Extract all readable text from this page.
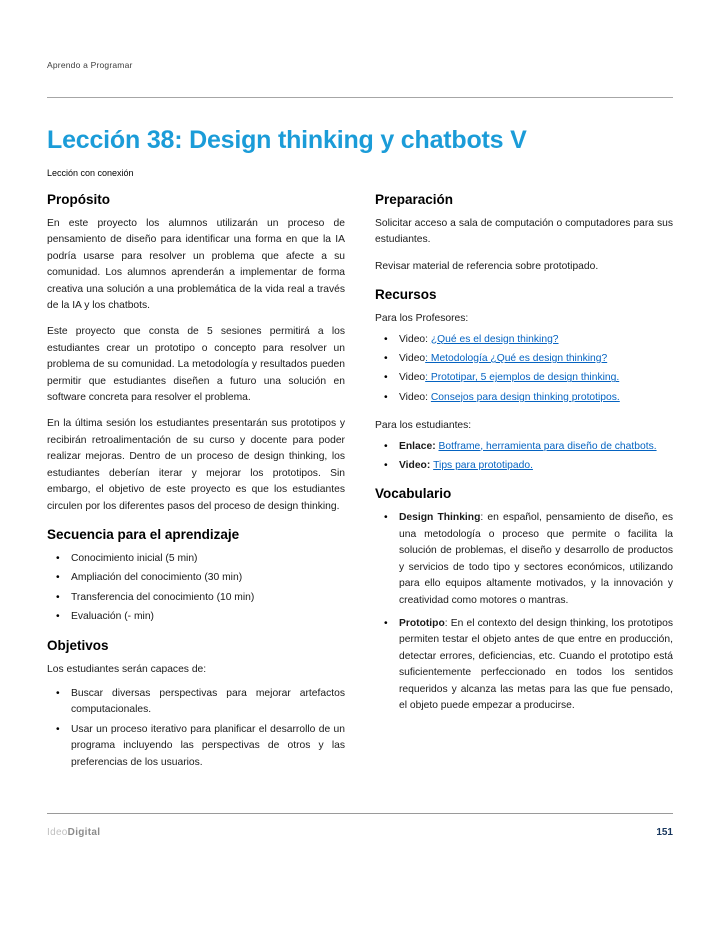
Aprendo a Programar
Lección 38: Design thinking y chatbots V

Lección con conexión

Propósito

En este proyecto los alumnos utilizarán un proceso de pensamiento de diseño para identificar una forma en que la IA podría usarse para resolver un problema que afecte a su comunidad. Los alumnos aprenderán a implementar de forma creativa una solución a una problemática de la vida real a través de la IA y los chatbots.

Este proyecto que consta de 5 sesiones permitirá a los estudiantes crear un prototipo o concepto para resolver un problema de su comunidad. La metodología y resultados pueden permitir que estudiantes diseñen a futuro una solución en software concreta para resolver el problema.

En la última sesión los estudiantes presentarán sus prototipos y recibirán retroalimentación de su curso y docente para poder realizar mejoras. Dentro de un proceso de design thinking, los estudiantes deberían iterar y mejorar los prototipos. Sin embargo, el objetivo de este proyecto es que los estudiantes circulen por los diferentes pasos del proceso de design thinking.

Secuencia para el aprendizaje
• Conocimiento inicial (5 min)
• Ampliación del conocimiento (30 min)
• Transferencia del conocimiento (10 min)
• Evaluación (- min)
Objetivos

Los estudiantes serán capaces de:

• Buscar diversas perspectivas para mejorar artefactos computacionales.
• Usar un proceso iterativo para planificar el desarrollo de un programa incluyendo las perspectivas de otros y las preferencias de los usuarios.
Preparación

Solicitar acceso a sala de computación o computadores para sus estudiantes.

Revisar material de referencia sobre prototipado.

Recursos

Para los Profesores:

• Video: ¿Qué es el design thinking?
• Video: Metodología ¿Qué es design thinking?
• Video: Prototipar, 5 ejemplos de design thinking.
• Video: Consejos para design thinking prototipos.

Para los estudiantes:

• Enlace: Botframe, herramienta para diseño de chatbots.
• Video: Tips para prototipado.
Vocabulario
• Design Thinking: en español, pensamiento de diseño, es una metodología o proceso que permite o facilita la solución de problemas, el diseño y desarrollo de productos y servicios de todo tipo y sectores económicos, utilizando para ello equipos altamente motivados, y la innovación y creatividad como motores o mantras.
• Prototipo: En el contexto del design thinking, los prototipos permiten testar el objeto antes de que entre en producción, detectar errores, deficiencias, etc. Cuando el prototipo está suficientemente perfeccionado en todos los sentidos requeridos y alcanza las metas para las que fue pensado, el objeto puede empezar a producirse.
IdeoDigital	151
